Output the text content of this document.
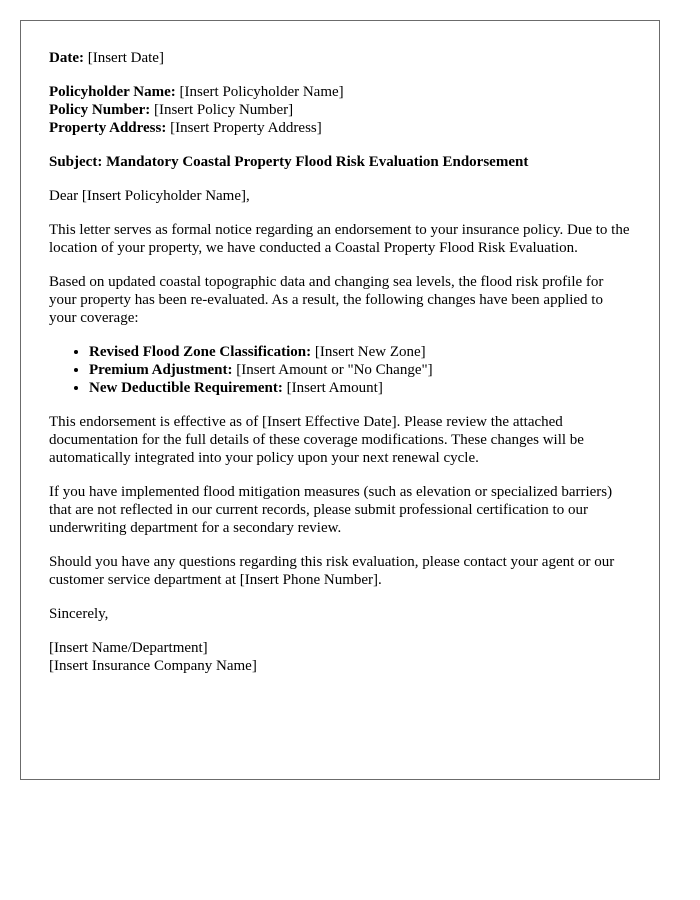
Date: [Insert Date]
Policyholder Name: [Insert Policyholder Name]
Policy Number: [Insert Policy Number]
Property Address: [Insert Property Address]

Subject: Mandatory Coastal Property Flood Risk Evaluation Endorsement

Dear [Insert Policyholder Name],

This letter serves as formal notice regarding an endorsement to your insurance policy. Due to the location of your property, we have conducted a Coastal Property Flood Risk Evaluation.

Based on updated coastal topographic data and changing sea levels, the flood risk profile for your property has been re-evaluated. As a result, the following changes have been applied to your coverage:

• Revised Flood Zone Classification: [Insert New Zone]
• Premium Adjustment: [Insert Amount or "No Change"]
• New Deductible Requirement: [Insert Amount]

This endorsement is effective as of [Insert Effective Date]. Please review the attached documentation for the full details of these coverage modifications. These changes will be automatically integrated into your policy upon your next renewal cycle.

If you have implemented flood mitigation measures (such as elevation or specialized barriers) that are not reflected in our current records, please submit professional certification to our underwriting department for a secondary review.

Should you have any questions regarding this risk evaluation, please contact your agent or our customer service department at [Insert Phone Number].

Sincerely,

[Insert Name/Department]
[Insert Insurance Company Name]
